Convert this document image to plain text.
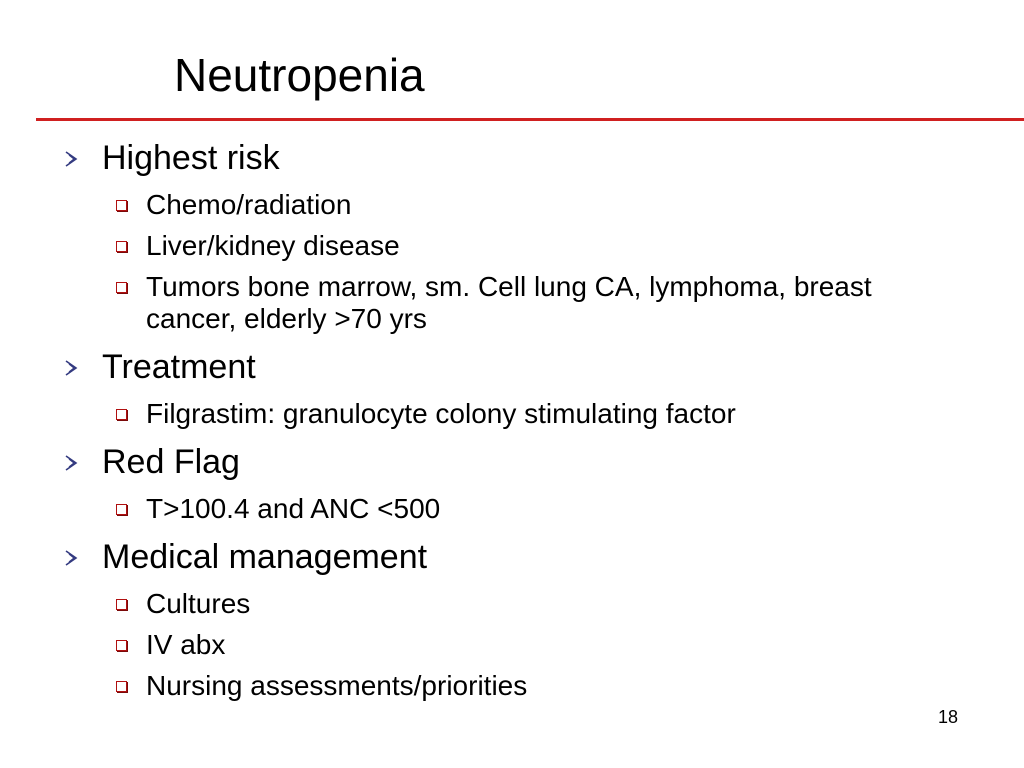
Neutropenia
Highest risk
Chemo/radiation
Liver/kidney disease
Tumors bone marrow, sm. Cell lung CA, lymphoma, breast cancer, elderly >70 yrs
Treatment
Filgrastim: granulocyte colony stimulating factor
Red Flag
T>100.4 and ANC <500
Medical management
Cultures
IV abx
Nursing assessments/priorities
18
